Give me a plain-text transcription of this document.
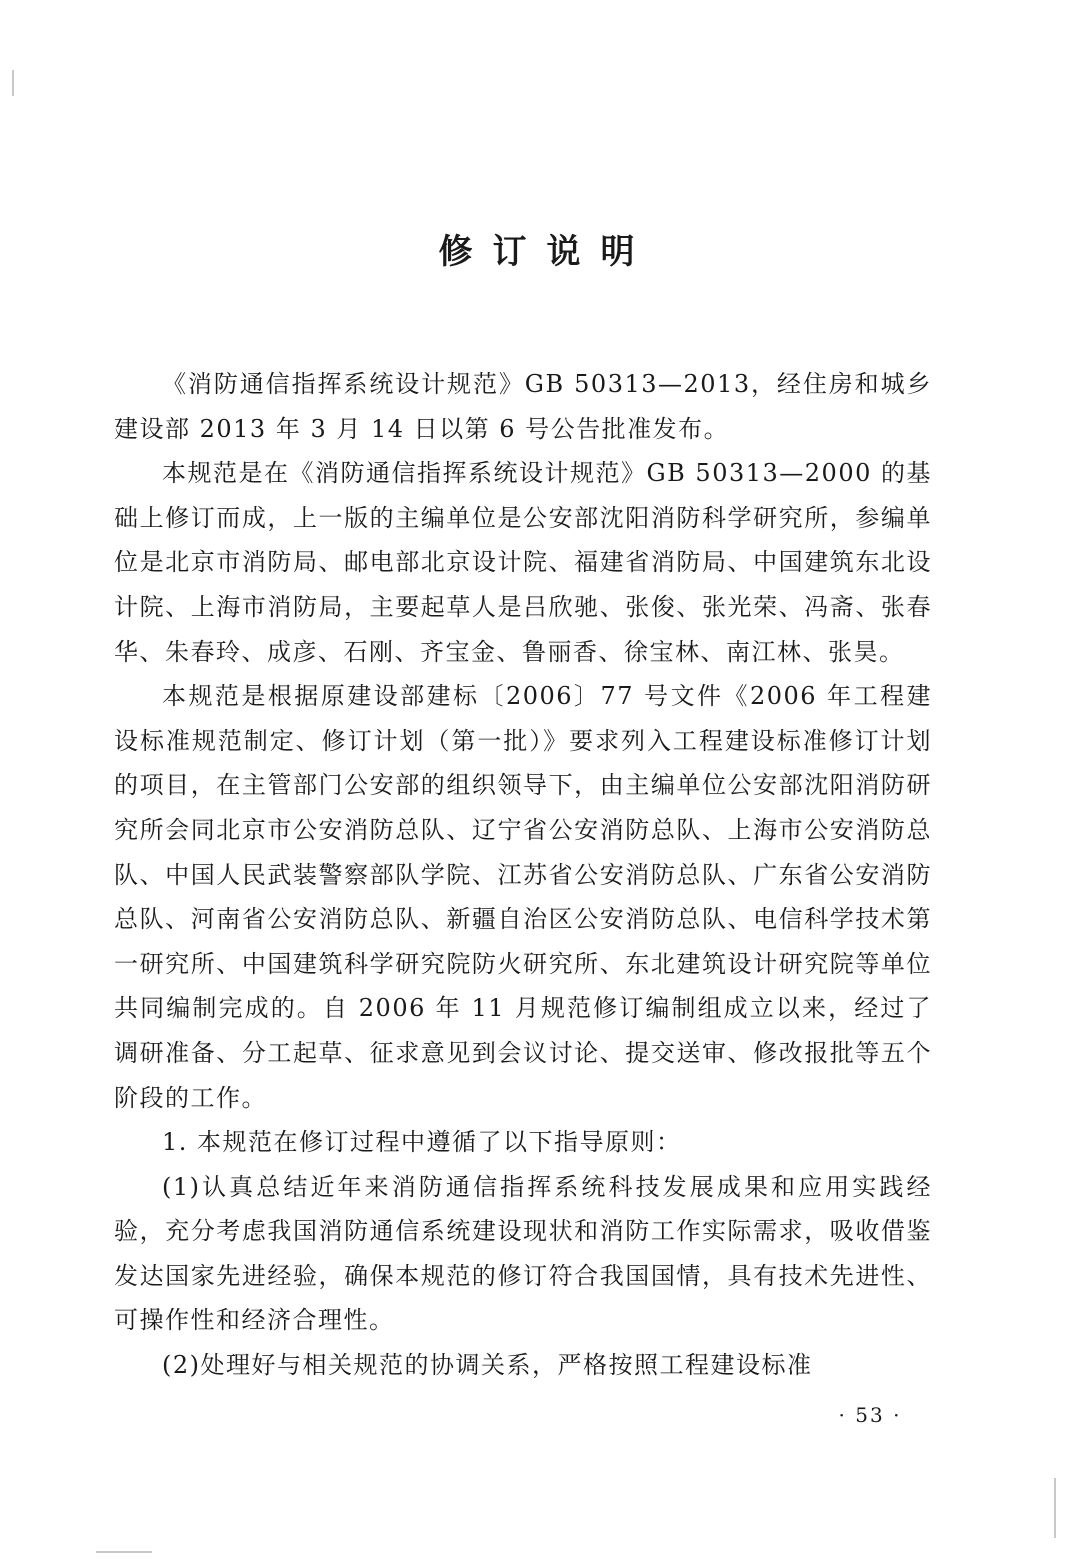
修订说明

《消防通信指挥系统设计规范》GB 50313—2013，经住房和城乡建设部 2013 年 3 月 14 日以第 6 号公告批准发布。

本规范是在《消防通信指挥系统设计规范》GB 50313—2000 的基础上修订而成，上一版的主编单位是公安部沈阳消防科学研究所，参编单位是北京市消防局、邮电部北京设计院、福建省消防局、中国建筑东北设计院、上海市消防局，主要起草人是吕欣驰、张俊、张光荣、冯斋、张春华、朱春玲、成彦、石刚、齐宝金、鲁丽香、徐宝林、南江林、张昊。

本规范是根据原建设部建标〔2006〕77 号文件《2006 年工程建设标准规范制定、修订计划（第一批）》要求列入工程建设标准修订计划的项目，在主管部门公安部的组织领导下，由主编单位公安部沈阳消防研究所会同北京市公安消防总队、辽宁省公安消防总队、上海市公安消防总队、中国人民武装警察部队学院、江苏省公安消防总队、广东省公安消防总队、河南省公安消防总队、新疆自治区公安消防总队、电信科学技术第一研究所、中国建筑科学研究院防火研究所、东北建筑设计研究院等单位共同编制完成的。自 2006 年 11 月规范修订编制组成立以来，经过了调研准备、分工起草、征求意见到会议讨论、提交送审、修改报批等五个阶段的工作。

1. 本规范在修订过程中遵循了以下指导原则：

(1)认真总结近年来消防通信指挥系统科技发展成果和应用实践经验，充分考虑我国消防通信系统建设现状和消防工作实际需求，吸收借鉴发达国家先进经验，确保本规范的修订符合我国国情，具有技术先进性、可操作性和经济合理性。

(2)处理好与相关规范的协调关系，严格按照工程建设标准

· 53 ·
